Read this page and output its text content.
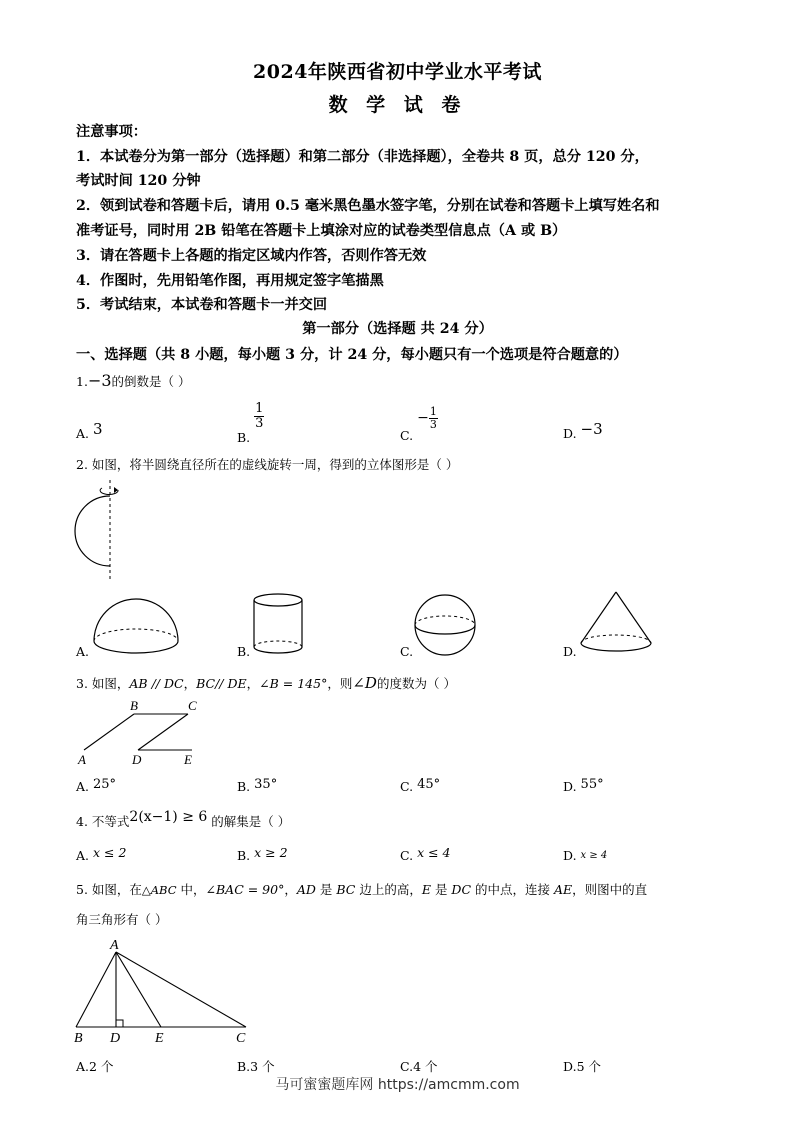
2024年陕西省初中学业水平考试
数 学 试 卷
注意事项：
1．本试卷分为第一部分（选择题）和第二部分（非选择题），全卷共 8 页，总分 120 分，
考试时间 120 分钟
2．领到试卷和答题卡后，请用 0.5 毫米黑色墨水签字笔，分别在试卷和答题卡上填写姓名和
准考证号，同时用 2B 铅笔在答题卡上填涂对应的试卷类型信息点（A 或 B）
3．请在答题卡上各题的指定区域内作答，否则作答无效
4．作图时，先用铅笔作图，再用规定签字笔描黑
5．考试结束，本试卷和答题卡一并交回
第一部分（选择题 共 24 分）
一、选择题（共 8 小题，每小题 3 分，计 24 分，每小题只有一个选项是符合题意的）
1.−3的倒数是（ ）
A. 3	B.
$\frac{1}{3}$
C. − $\frac{1}{3}$
D. −3
2. 如图，将半圆绕直径所在的虚线旋转一周，得到的立体图形是（ ）
A.	B.	C.	D.
3. 如图，AB // DC，BC// DE，∠B = 145°，则∠D的度数为（ ）
A
B	C
D	E
A. 25°	B. 35°	C. 45°	D. 55°
4. 不等式2(x−1) ≥ 6 的解集是（ ）
A. x ≤ 2	B. x ≥ 2	C. x ≤ 4	D. x ≥ 4
5. 如图，在△ABC 中，∠BAC = 90°，AD 是 BC 边上的高，E 是 DC 的中点，连接 AE，则图中的直
角三角形有（ ）
A
B D E	C
A.2 个	B.3 个	C.4 个	D.5 个
马可蜜蜜题库网 https://amcmm.com
